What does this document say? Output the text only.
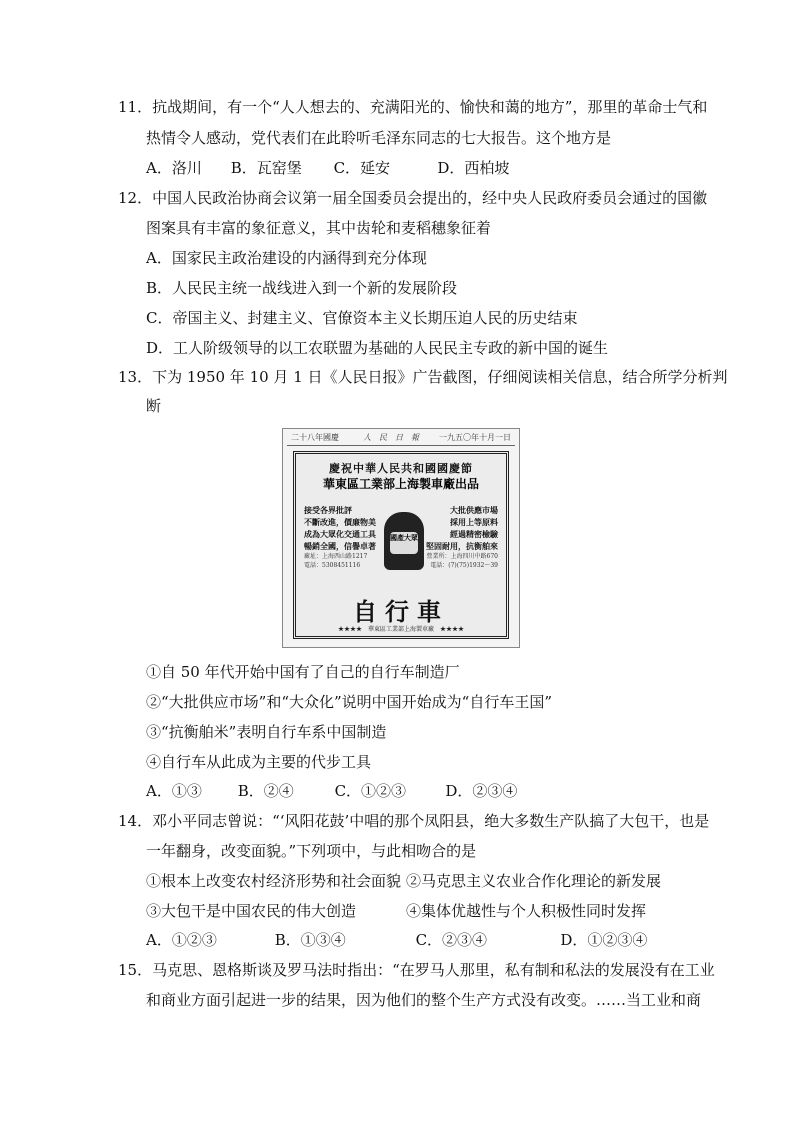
11．抗战期间，有一个“人人想去的、充满阳光的、愉快和蔼的地方”，那里的革命士气和
热情令人感动，党代表们在此聆听毛泽东同志的七大报告。这个地方是
A．洛川 B．瓦窑堡 C．延安	D．西柏坡
12．中国人民政治协商会议第一届全国委员会提出的，经中央人民政府委员会通过的国徽
图案具有丰富的象征意义，其中齿轮和麦稻穗象征着
A．国家民主政治建设的内涵得到充分体现
B．人民民主统一战线进入到一个新的发展阶段
C．帝国主义、封建主义、官僚资本主义长期压迫人民的历史结束
D．工人阶级领导的以工农联盟为基础的人民民主专政的新中国的诞生
13．下为 1950 年 10 月 1 日《人民日报》广告截图，仔细阅读相关信息，结合所学分析判
断
二十八年國慶	人　民　日　報	一九五〇年十月一日
慶祝中華人民共和國國慶節
華東區工業部上海製車廠出品
接受各界批評
不斷改進，價廉物美
成為大眾化交通工具
暢銷全國，信譽卓著
廠址：上海西山路1217
電話：5308451116
國產大眾
大批供應市場
採用上等原料
經過精密檢驗
堅固耐用，抗衡舶來
營業所：上海四川中路670
電話：(7)(75)1932～39
自行車
★★★★　華東區工業部上海製車廠　★★★★
①自 50 年代开始中国有了自己的自行车制造厂
②“大批供应市场”和“大众化”说明中国开始成为“自行车王国”
③“抗衡舶米”表明自行车系中国制造
④自行车从此成为主要的代步工具
A．①③ B．②④	C．①②③	D．②③④
14．邓小平同志曾说：“‘风阳花鼓’中唱的那个凤阳县，绝大多数生产队搞了大包干，也是
一年翻身，改变面貌。”下列项中，与此相吻合的是
①根本上改变农村经济形势和社会面貌 ②马克思主义农业合作化理论的新发展
③大包干是中国农民的伟大创造	④集体优越性与个人积极性同时发挥
A．①②③	B．①③④	C．②③④	D．①②③④
15．马克思、恩格斯谈及罗马法时指出：“在罗马人那里，私有制和私法的发展没有在工业
和商业方面引起进一步的结果，因为他们的整个生产方式没有改变。……当工业和商
